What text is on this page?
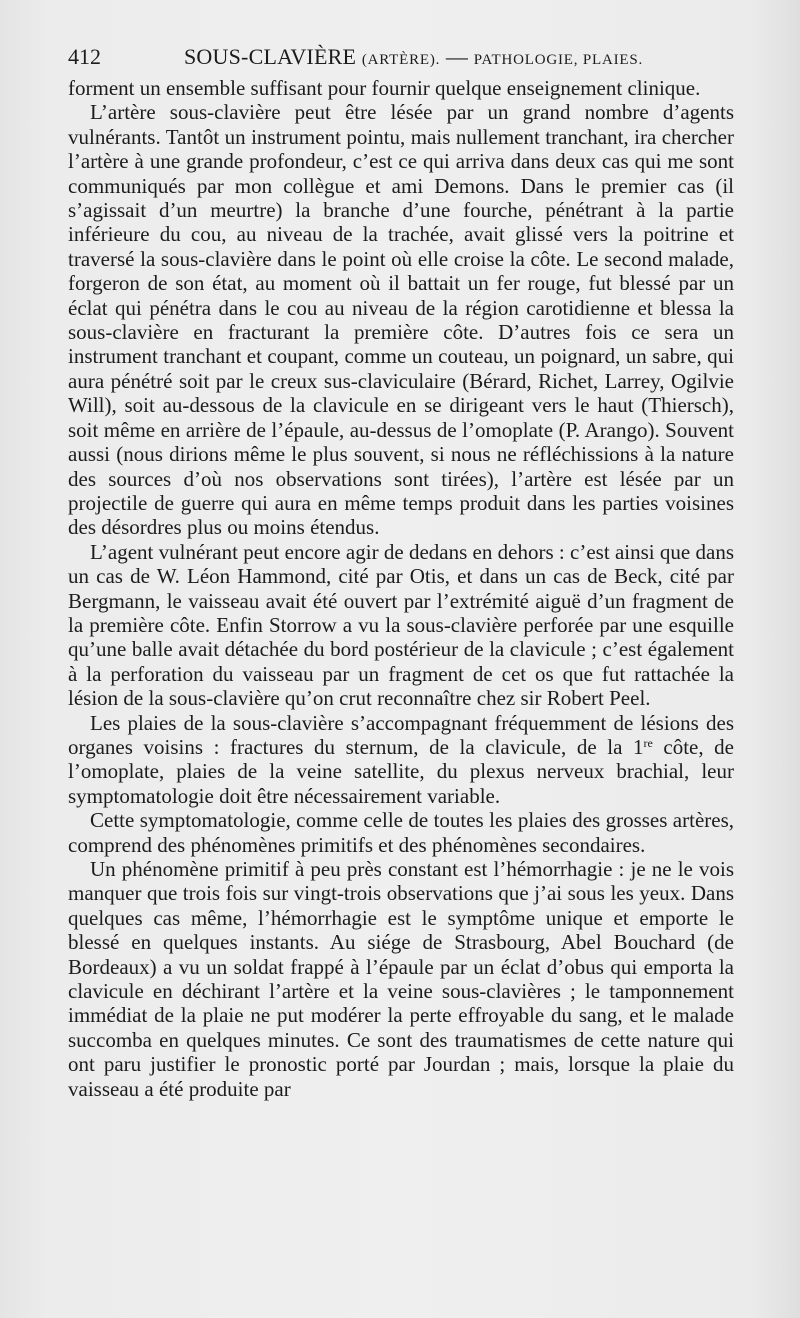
412	SOUS-CLAVIÈRE (ARTÈRE). — PATHOLOGIE, PLAIES.

forment un ensemble suffisant pour fournir quelque enseignement clinique.

L’artère sous-clavière peut être lésée par un grand nombre d’agents vulnérants. Tantôt un instrument pointu, mais nullement tranchant, ira chercher l’artère à une grande profondeur, c’est ce qui arriva dans deux cas qui me sont communiqués par mon collègue et ami Demons. Dans le premier cas (il s’agissait d’un meurtre) la branche d’une fourche, pénétrant à la partie inférieure du cou, au niveau de la trachée, avait glissé vers la poitrine et traversé la sous-clavière dans le point où elle croise la côte. Le second malade, forgeron de son état, au moment où il battait un fer rouge, fut blessé par un éclat qui pénétra dans le cou au niveau de la région carotidienne et blessa la sous-clavière en fracturant la première côte. D’autres fois ce sera un instrument tranchant et coupant, comme un couteau, un poignard, un sabre, qui aura pénétré soit par le creux sus-claviculaire (Bérard, Richet, Larrey, Ogilvie Will), soit au-dessous de la clavicule en se dirigeant vers le haut (Thiersch), soit même en arrière de l’épaule, au-dessus de l’omoplate (P. Arango). Souvent aussi (nous dirions même le plus souvent, si nous ne réfléchissions à la nature des sources d’où nos observations sont tirées), l’artère est lésée par un projectile de guerre qui aura en même temps produit dans les parties voisines des désordres plus ou moins étendus.

L’agent vulnérant peut encore agir de dedans en dehors : c’est ainsi que dans un cas de W. Léon Hammond, cité par Otis, et dans un cas de Beck, cité par Bergmann, le vaisseau avait été ouvert par l’extrémité aiguë d’un fragment de la première côte. Enfin Storrow a vu la sous-clavière perforée par une esquille qu’une balle avait détachée du bord postérieur de la clavicule ; c’est également à la perforation du vaisseau par un fragment de cet os que fut rattachée la lésion de la sous-clavière qu’on crut reconnaître chez sir Robert Peel.

Les plaies de la sous-clavière s’accompagnant fréquemment de lésions des organes voisins : fractures du sternum, de la clavicule, de la 1re côte, de l’omoplate, plaies de la veine satellite, du plexus nerveux brachial, leur symptomatologie doit être nécessairement variable.

Cette symptomatologie, comme celle de toutes les plaies des grosses artères, comprend des phénomènes primitifs et des phénomènes secondaires.

Un phénomène primitif à peu près constant est l’hémorrhagie : je ne le vois manquer que trois fois sur vingt-trois observations que j’ai sous les yeux. Dans quelques cas même, l’hémorrhagie est le symptôme unique et emporte le blessé en quelques instants. Au siége de Strasbourg, Abel Bouchard (de Bordeaux) a vu un soldat frappé à l’épaule par un éclat d’obus qui emporta la clavicule en déchirant l’artère et la veine sous-clavières ; le tamponnement immédiat de la plaie ne put modérer la perte effroyable du sang, et le malade succomba en quelques minutes. Ce sont des traumatismes de cette nature qui ont paru justifier le pronostic porté par Jourdan ; mais, lorsque la plaie du vaisseau a été produite par
